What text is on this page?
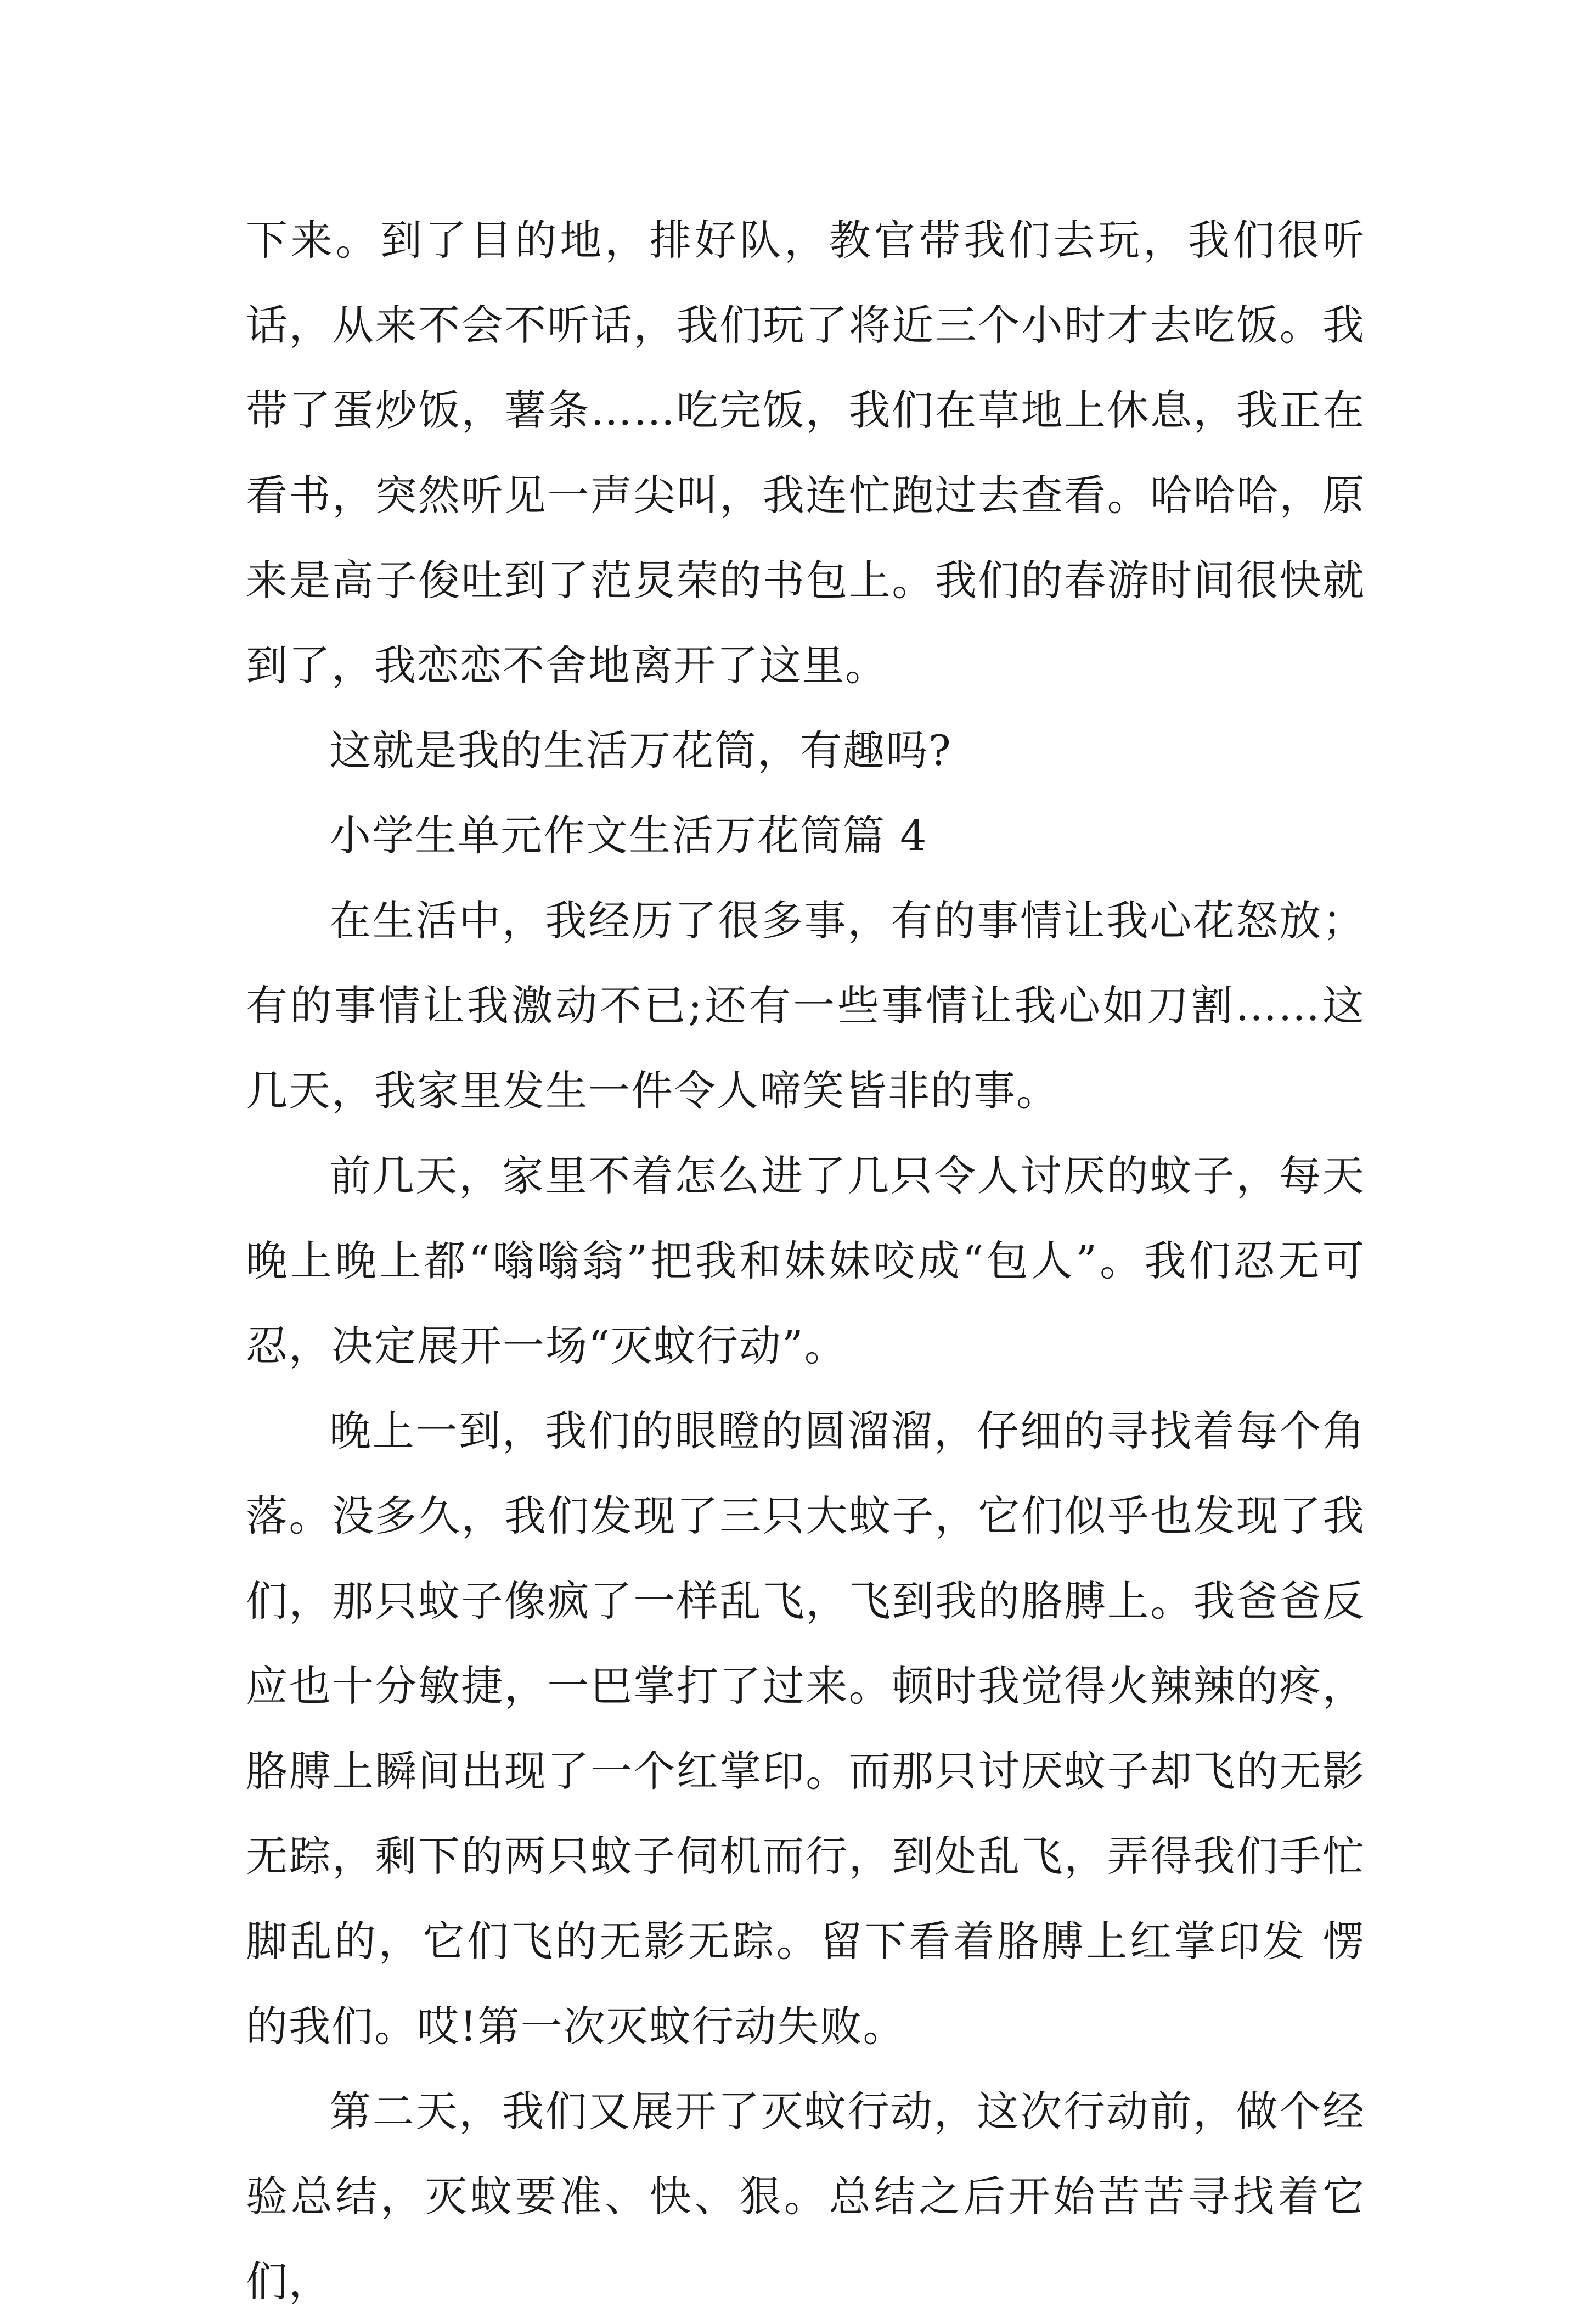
下来。到了目的地，排好队，教官带我们去玩，我们很听话，从来不会不听话，我们玩了将近三个小时才去吃饭。我带了蛋炒饭，薯条……吃完饭，我们在草地上休息，我正在看书，突然听见一声尖叫，我连忙跑过去查看。哈哈哈，原来是高子俊吐到了范炅荣的书包上。我们的春游时间很快就到了，我恋恋不舍地离开了这里。

这就是我的生活万花筒，有趣吗?

小学生单元作文生活万花筒篇 4

在生活中，我经历了很多事，有的事情让我心花怒放；有的事情让我激动不已;还有一些事情让我心如刀割……这几天，我家里发生一件令人啼笑皆非的事。

前几天，家里不着怎么进了几只令人讨厌的蚊子，每天晚上晚上都“嗡嗡翁”把我和妹妹咬成“包人”。我们忍无可忍，决定展开一场“灭蚊行动”。

晚上一到，我们的眼瞪的圆溜溜，仔细的寻找着每个角落。没多久，我们发现了三只大蚊子，它们似乎也发现了我们，那只蚊子像疯了一样乱飞，飞到我的胳膊上。我爸爸反应也十分敏捷，一巴掌打了过来。顿时我觉得火辣辣的疼，胳膊上瞬间出现了一个红掌印。而那只讨厌蚊子却飞的无影无踪，剩下的两只蚊子伺机而行，到处乱飞，弄得我们手忙脚乱的，它们飞的无影无踪。留下看着胳膊上红掌印发 愣的我们。哎!第一次灭蚊行动失败。

第二天，我们又展开了灭蚊行动，这次行动前，做个经验总结，灭蚊要准、快、狠。总结之后开始苦苦寻找着它们，
